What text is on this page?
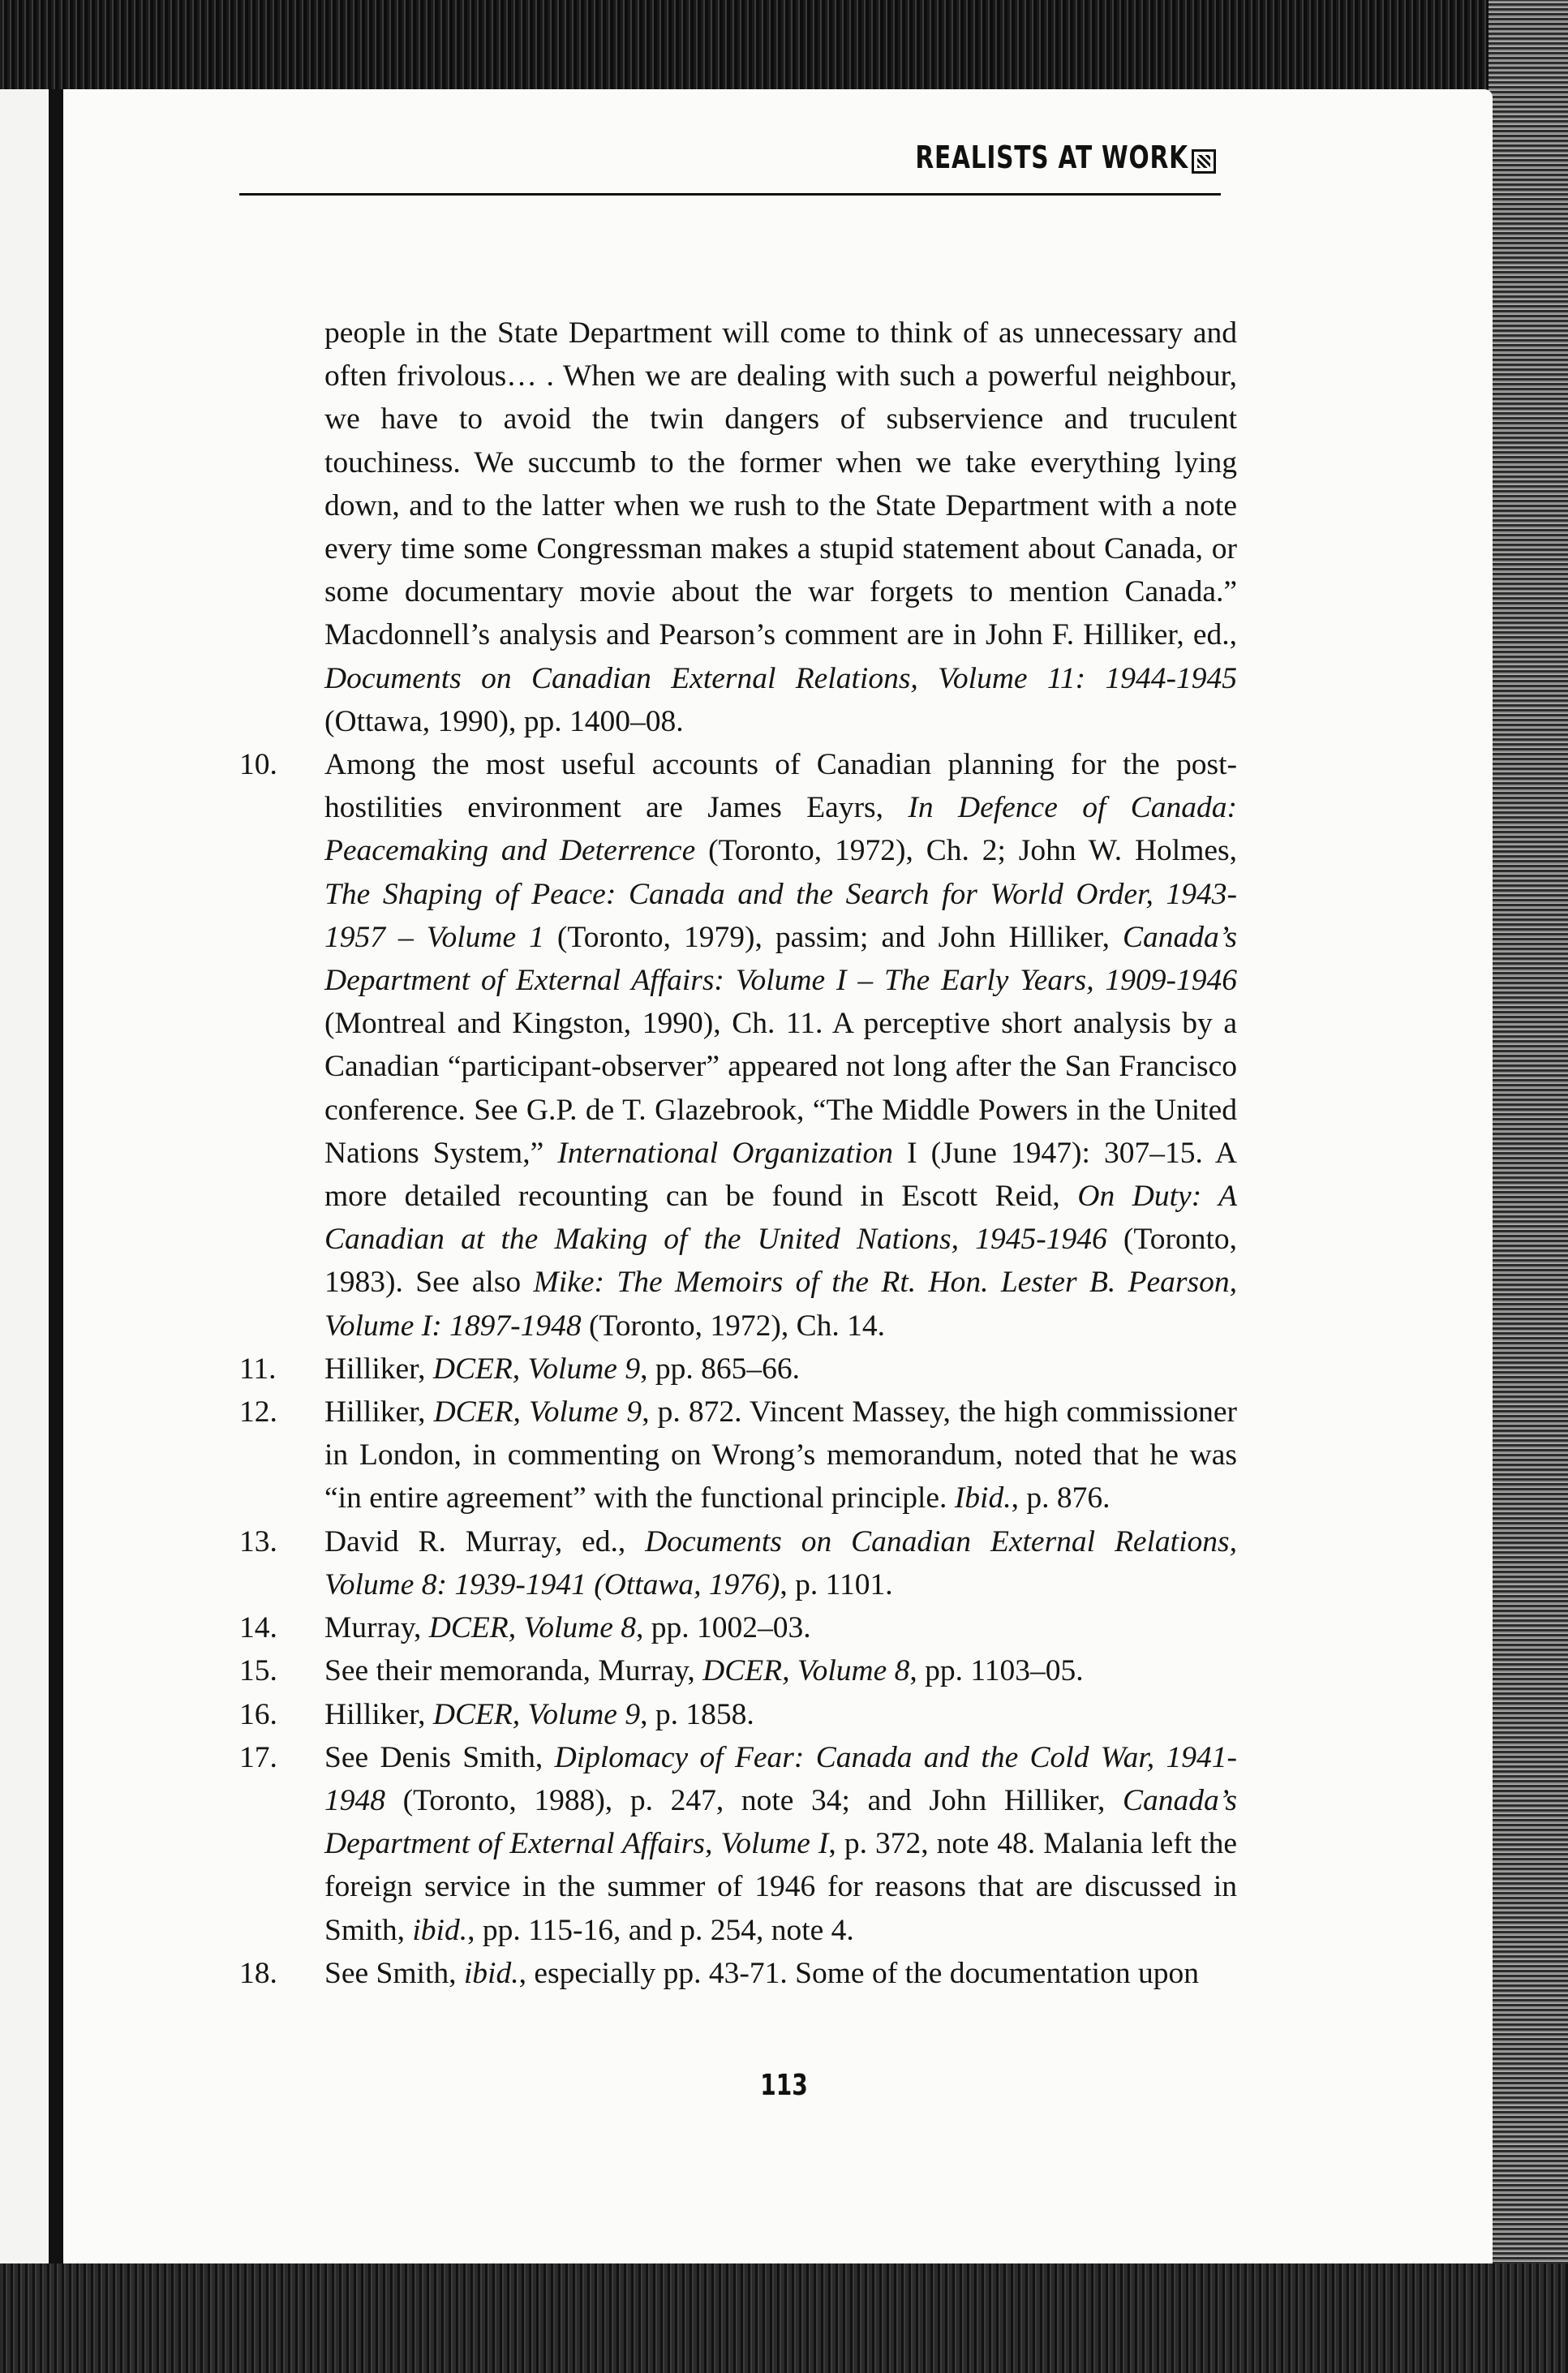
REALISTS AT WORK
people in the State Department will come to think of as unnecessary and often frivolous… . When we are dealing with such a powerful neighbour, we have to avoid the twin dangers of subservience and truculent touchiness. We succumb to the former when we take everything lying down, and to the latter when we rush to the State Department with a note every time some Congressman makes a stupid statement about Canada, or some documentary movie about the war forgets to mention Canada.” Macdonnell’s analysis and Pearson’s comment are in John F. Hilliker, ed., Documents on Canadian External Relations, Volume 11: 1944-1945 (Ottawa, 1990), pp. 1400–08.
10.	Among the most useful accounts of Canadian planning for the post-hostilities environment are James Eayrs, In Defence of Canada: Peacemaking and Deterrence (Toronto, 1972), Ch. 2; John W. Holmes, The Shaping of Peace: Canada and the Search for World Order, 1943-1957 – Volume 1 (Toronto, 1979), passim; and John Hilliker, Canada’s Department of External Affairs: Volume I – The Early Years, 1909-1946 (Montreal and Kingston, 1990), Ch. 11. A perceptive short analysis by a Canadian “participant-observer” appeared not long after the San Francisco conference. See G.P. de T. Glazebrook, “The Middle Powers in the United Nations System,” International Organization I (June 1947): 307–15. A more detailed recounting can be found in Escott Reid, On Duty: A Canadian at the Making of the United Nations, 1945-1946 (Toronto, 1983). See also Mike: The Memoirs of the Rt. Hon. Lester B. Pearson, Volume I: 1897-1948 (Toronto, 1972), Ch. 14.
11.	Hilliker, DCER, Volume 9, pp. 865–66.
12.	Hilliker, DCER, Volume 9, p. 872. Vincent Massey, the high commissioner in London, in commenting on Wrong’s memorandum, noted that he was “in entire agreement” with the functional principle. Ibid., p. 876.
13.	David R. Murray, ed., Documents on Canadian External Relations, Volume 8: 1939-1941 (Ottawa, 1976), p. 1101.
14.	Murray, DCER, Volume 8, pp. 1002–03.
15.	See their memoranda, Murray, DCER, Volume 8, pp. 1103–05.
16.	Hilliker, DCER, Volume 9, p. 1858.
17.	See Denis Smith, Diplomacy of Fear: Canada and the Cold War, 1941-1948 (Toronto, 1988), p. 247, note 34; and John Hilliker, Canada’s Department of External Affairs, Volume I, p. 372, note 48. Malania left the foreign service in the summer of 1946 for reasons that are discussed in Smith, ibid., pp. 115-16, and p. 254, note 4.
18.	See Smith, ibid., especially pp. 43-71. Some of the documentation upon
113
